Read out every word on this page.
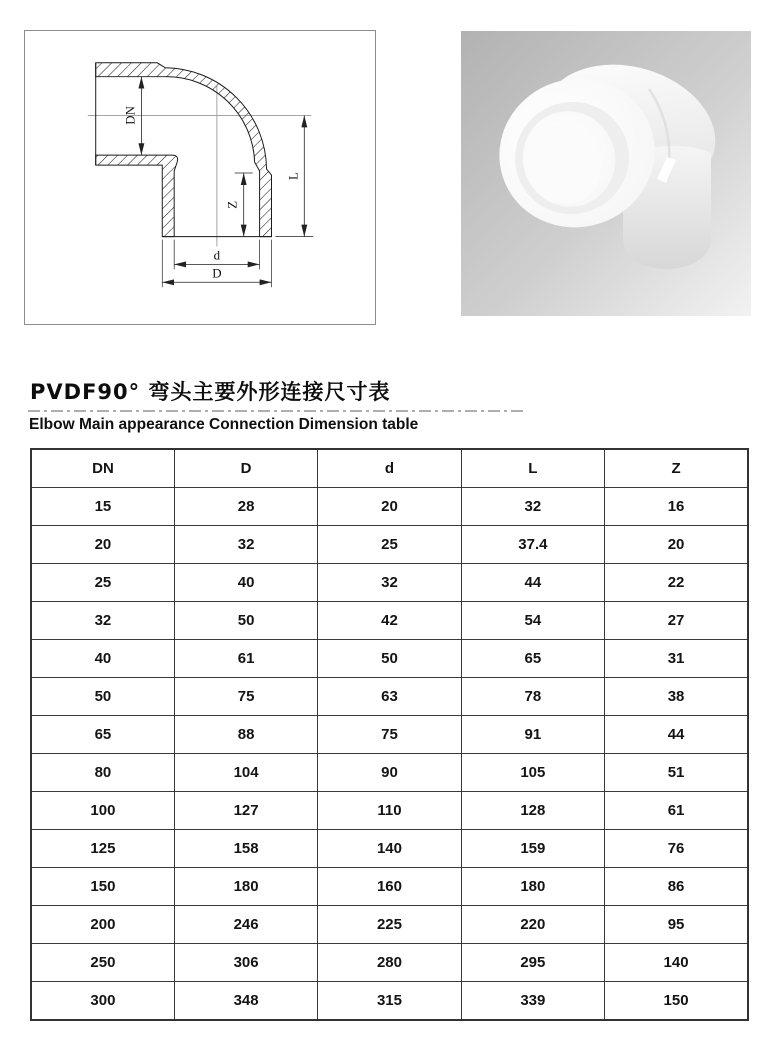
DN
Z
L
d
D
PVDF90° 弯头主要外形连接尺寸表
Elbow Main appearance Connection Dimension table
DN	D	d	L	Z
15	28	20	32	16
20	32	25	37.4	20
25	40	32	44	22
32	50	42	54	27
40	61	50	65	31
50	75	63	78	38
65	88	75	91	44
80	104	90	105	51
100	127	110	128	61
125	158	140	159	76
150	180	160	180	86
200	246	225	220	95
250	306	280	295	140
300	348	315	339	150
